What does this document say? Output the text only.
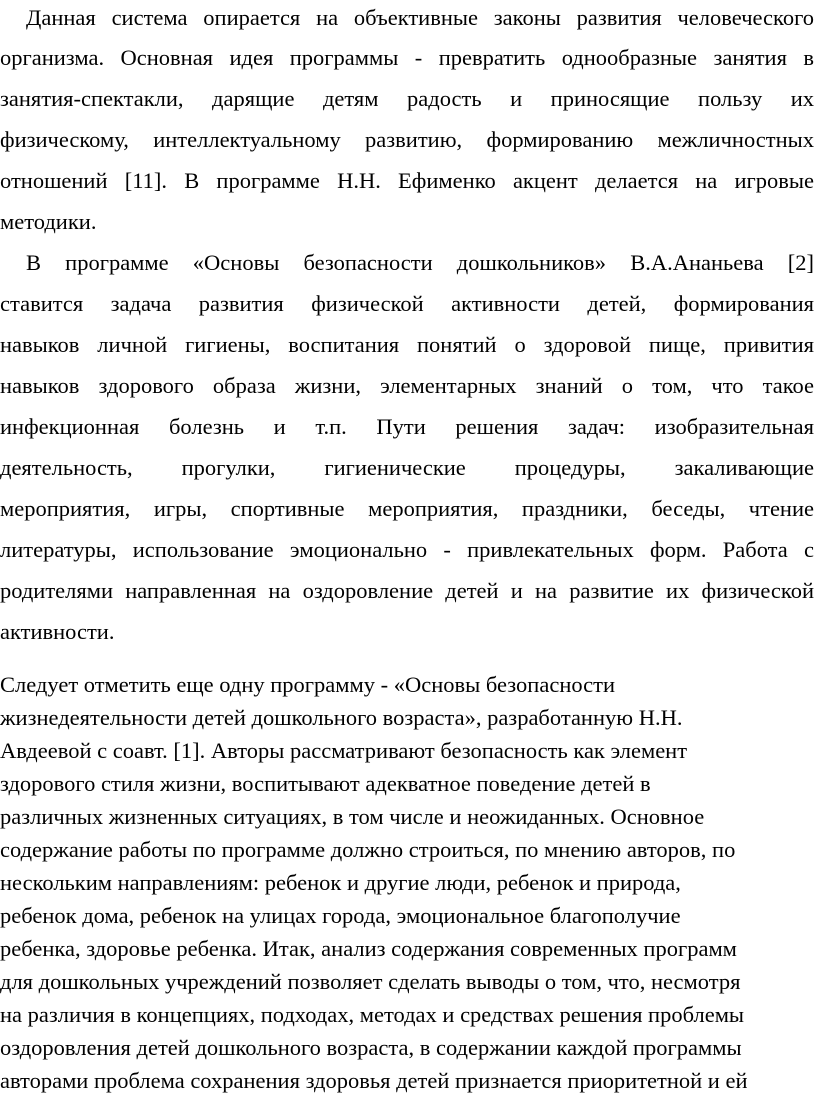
Данная система опирается на объективные законы развития человеческого
организма. Основная идея программы - превратить однообразные занятия в
занятия-спектакли, дарящие детям радость и приносящие пользу их
физическому, интеллектуальному развитию, формированию межличностных
отношений [11]. В программе Н.Н. Ефименко акцент делается на игровые
методики.
В программе «Основы безопасности дошкольников» В.А.Ананьева [2]
ставится задача развития физической активности детей, формирования
навыков личной гигиены, воспитания понятий о здоровой пище, привития
навыков здорового образа жизни, элементарных знаний о том, что такое
инфекционная болезнь и т.п. Пути решения задач: изобразительная
деятельность, прогулки, гигиенические процедуры, закаливающие
мероприятия, игры, спортивные мероприятия, праздники, беседы, чтение
литературы, использование эмоционально - привлекательных форм. Работа с
родителями направленная на оздоровление детей и на развитие их физической
активности.
Следует отметить еще одну программу - «Основы безопасности
жизнедеятельности детей дошкольного возраста», разработанную Н.Н.
Авдеевой с соавт. [1]. Авторы рассматривают безопасность как элемент
здорового стиля жизни, воспитывают адекватное поведение детей в
различных жизненных ситуациях, в том числе и неожиданных. Основное
содержание работы по программе должно строиться, по мнению авторов, по
нескольким направлениям: ребенок и другие люди, ребенок и природа,
ребенок дома, ребенок на улицах города, эмоциональное благополучие
ребенка, здоровье ребенка. Итак, анализ содержания современных программ
для дошкольных учреждений позволяет сделать выводы о том, что, несмотря
на различия в концепциях, подходах, методах и средствах решения проблемы
оздоровления детей дошкольного возраста, в содержании каждой программы
авторами проблема сохранения здоровья детей признается приоритетной и ей
